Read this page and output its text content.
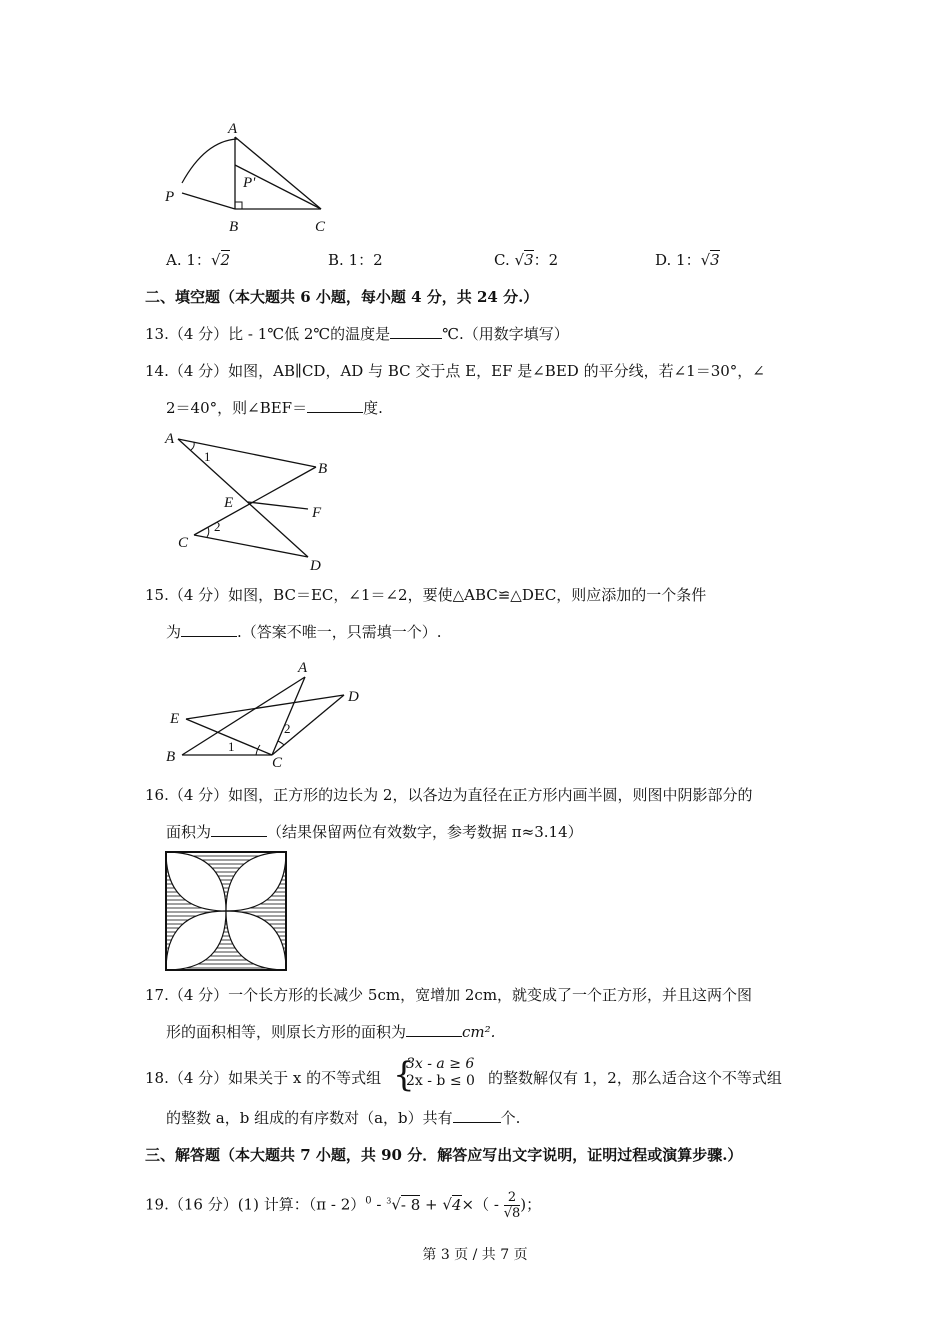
A
P'
P
B	C
A. 1：√2	B. 1：2	C. √3：2	D. 1：√3
二、填空题（本大题共 6 小题，每小题 4 分，共 24 分.）
13.（4 分）比 - 1℃低 2℃的温度是	℃.（用数字填写）
14.（4 分）如图，AB∥CD，AD 与 BC 交于点 E，EF 是∠BED 的平分线，若∠1＝30°，∠
2＝40°，则∠BEF＝	度.
A
1
B
E
F
2
C
D
15.（4 分）如图，BC＝EC，∠1＝∠2，要使△ABC≌△DEC，则应添加的一个条件
为	.（答案不唯一，只需填一个）.
A
D
E
2
1
B	C
16.（4 分）如图，正方形的边长为 2，以各边为直径在正方形内画半圆，则图中阴影部分的
面积为	（结果保留两位有效数字，参考数据 π≈3.14）
17.（4 分）一个长方形的长减少 5cm，宽增加 2cm，就变成了一个正方形，并且这两个图
形的面积相等，则原长方形的面积为	cm².
18.（4 分）如果关于 x 的不等式组 {
3x - a ≥ 6
2x - b ≤ 0 的整数解仅有 1，2，那么适合这个不等式组
的整数 a，b 组成的有序数对（a，b）共有	个.
三、解答题（本大题共 7 小题，共 90 分．解答应写出文字说明，证明过程或演算步骤.）
19.（16 分）(1) 计算：（π - 2）$^0$ - $^3$√- $8 + √4\times( - \frac{2}{√8}$ )；
第 3 页 / 共 7 页
